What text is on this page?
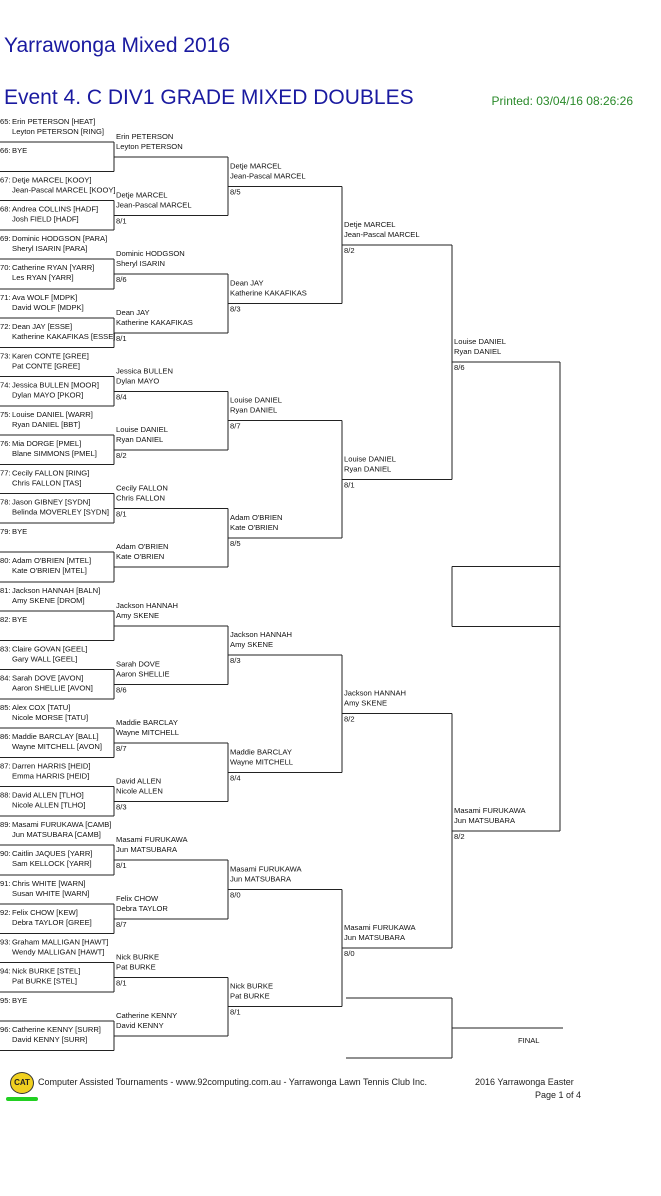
Yarrawonga Mixed 2016
Event 4. C DIV1 GRADE MIXED DOUBLES	Printed: 03/04/16 08:26:26
65: Erin PETERSON [HEAT]
Leyton PETERSON [RING]
66: BYE
67: Detje MARCEL [KOOY]
Jean-Pascal MARCEL [KOOY]
68: Andrea COLLINS [HADF]
Josh FIELD [HADF]
69: Dominic HODGSON [PARA]
Sheryl ISARIN [PARA]
70: Catherine RYAN [YARR]
Les RYAN [YARR]
71: Ava WOLF [MDPK]
David WOLF [MDPK]
72: Dean JAY [ESSE]
Katherine KAKAFIKAS [ESSE]
73: Karen CONTE [GREE]
Pat CONTE [GREE]
74: Jessica BULLEN [MOOR]
Dylan MAYO [PKOR]
75: Louise DANIEL [WARR]
Ryan DANIEL [BBT]
76: Mia DORGE [PMEL]
Blane SIMMONS [PMEL]
77: Cecily FALLON [RING]
Chris FALLON [TAS]
78: Jason GIBNEY [SYDN]
Belinda MOVERLEY [SYDN]
79: BYE
80: Adam O'BRIEN [MTEL]
Kate O'BRIEN [MTEL]
81: Jackson HANNAH [BALN]
Amy SKENE [DROM]
82: BYE
83: Claire GOVAN [GEEL]
Gary WALL [GEEL]
84: Sarah DOVE [AVON]
Aaron SHELLIE [AVON]
85: Alex COX [TATU]
Nicole MORSE [TATU]
86: Maddie BARCLAY [BALL]
Wayne MITCHELL [AVON]
87: Darren HARRIS [HEID]
Emma HARRIS [HEID]
88: David ALLEN [TLHO]
Nicole ALLEN [TLHO]
89: Masami FURUKAWA [CAMB]
Jun MATSUBARA [CAMB]
90: Caitlin JAQUES [YARR]
Sam KELLOCK [YARR]
91: Chris WHITE [WARN]
Susan WHITE [WARN]
92: Felix CHOW [KEW]
Debra TAYLOR [GREE]
93: Graham MALLIGAN [HAWT]
Wendy MALLIGAN [HAWT]
94: Nick BURKE [STEL]
Pat BURKE [STEL]
95: BYE
96: Catherine KENNY [SURR]
David KENNY [SURR]
Erin PETERSON
Leyton PETERSON
Detje MARCEL
Jean-Pascal MARCEL
8/1
Dominic HODGSON
Sheryl ISARIN
8/6
Dean JAY
Katherine KAKAFIKAS
8/1
Jessica BULLEN
Dylan MAYO
8/4
Louise DANIEL
Ryan DANIEL
8/2
Cecily FALLON
Chris FALLON
8/1
Adam O'BRIEN
Kate O'BRIEN
Jackson HANNAH
Amy SKENE
Sarah DOVE
Aaron SHELLIE
8/6
Maddie BARCLAY
Wayne MITCHELL
8/7
David ALLEN
Nicole ALLEN
8/3
Masami FURUKAWA
Jun MATSUBARA
8/1
Felix CHOW
Debra TAYLOR
8/7
Nick BURKE
Pat BURKE
8/1
Catherine KENNY
David KENNY
Detje MARCEL
Jean-Pascal MARCEL
8/5
Dean JAY
Katherine KAKAFIKAS
8/3
Louise DANIEL
Ryan DANIEL
8/7
Adam O'BRIEN
Kate O'BRIEN
8/5
Jackson HANNAH
Amy SKENE
8/3
Maddie BARCLAY
Wayne MITCHELL
8/4
Masami FURUKAWA
Jun MATSUBARA
8/0
Nick BURKE
Pat BURKE
8/1
Detje MARCEL
Jean-Pascal MARCEL
8/2
Louise DANIEL
Ryan DANIEL
8/1
Jackson HANNAH
Amy SKENE
8/2
Masami FURUKAWA
Jun MATSUBARA
8/0
Louise DANIEL
Ryan DANIEL
8/6
Masami FURUKAWA
Jun MATSUBARA
8/2
FINAL
CAT Computer Assisted Tournaments - www.92computing.com.au - Yarrawonga Lawn Tennis Club Inc.	2016 Yarrawonga Easter
Page 1 of 4
